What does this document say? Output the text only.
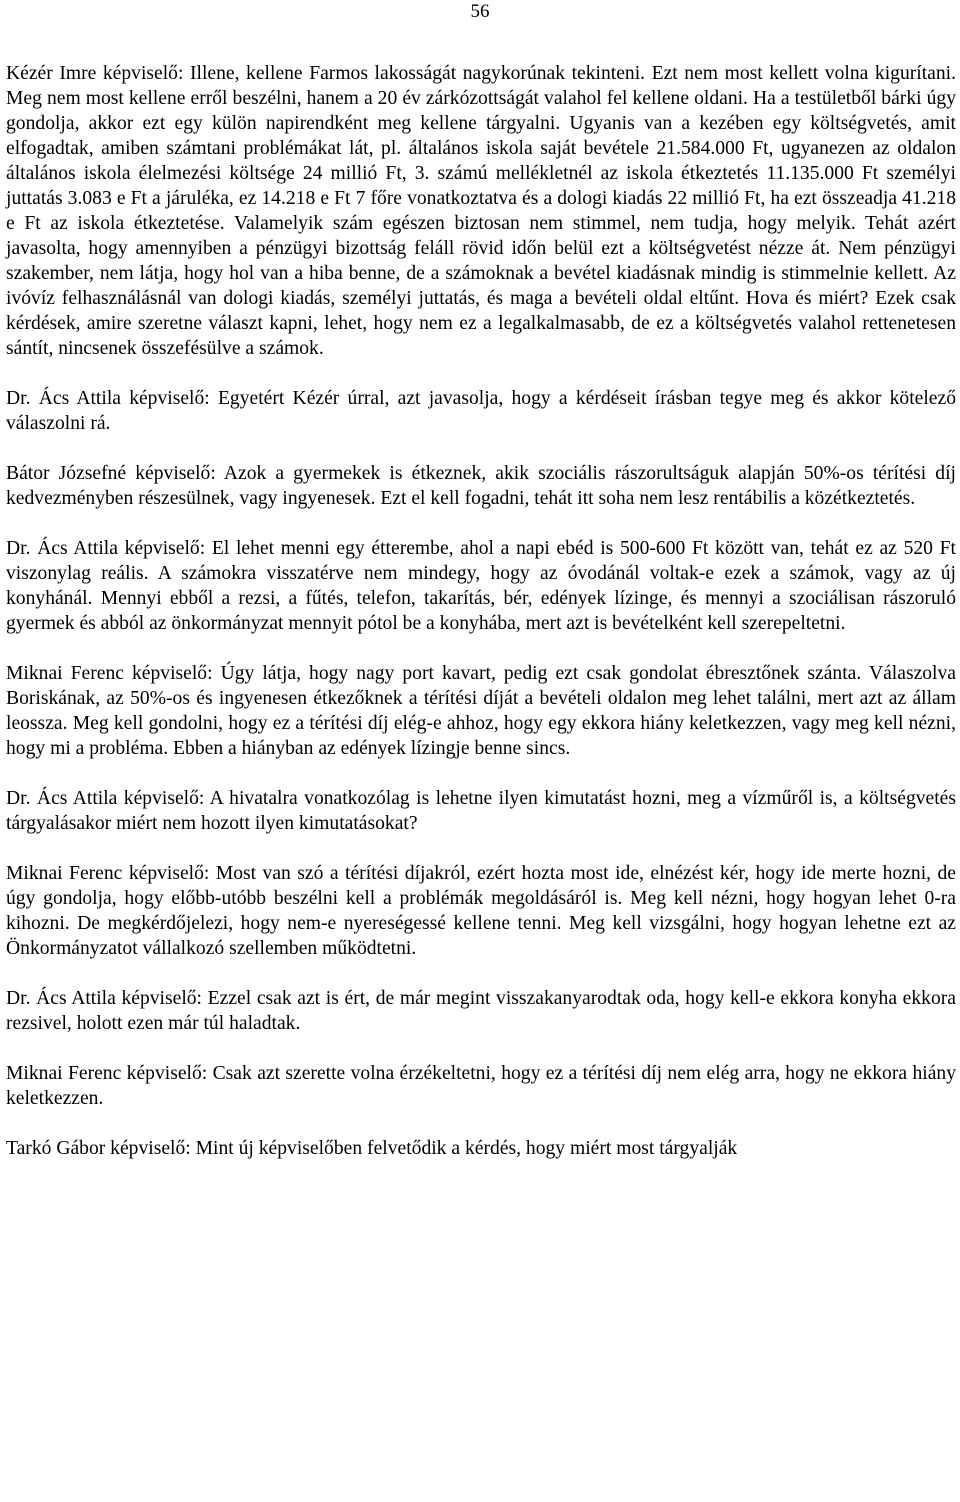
56

Kézér Imre képviselő: Illene, kellene Farmos lakosságát nagykorúnak tekinteni. Ezt nem most kellett volna kigurítani. Meg nem most kellene erről beszélni, hanem a 20 év zárkózottságát valahol fel kellene oldani. Ha a testületből bárki úgy gondolja, akkor ezt egy külön napirendként meg kellene tárgyalni. Ugyanis van a kezében egy költségvetés, amit elfogadtak, amiben számtani problémákat lát, pl. általános iskola saját bevétele 21.584.000 Ft, ugyanezen az oldalon általános iskola élelmezési költsége 24 millió Ft, 3. számú mellékletnél az iskola étkeztetés 11.135.000 Ft személyi juttatás 3.083 e Ft a járuléka, ez 14.218 e Ft 7 főre vonatkoztatva és a dologi kiadás 22 millió Ft, ha ezt összeadja 41.218 e Ft az iskola étkeztetése. Valamelyik szám egészen biztosan nem stimmel, nem tudja, hogy melyik. Tehát azért javasolta, hogy amennyiben a pénzügyi bizottság feláll rövid időn belül ezt a költségvetést nézze át. Nem pénzügyi szakember, nem látja, hogy hol van a hiba benne, de a számoknak a bevétel kiadásnak mindig is stimmelnie kellett. Az ivóvíz felhasználásnál van dologi kiadás, személyi juttatás, és maga a bevételi oldal eltűnt. Hova és miért? Ezek csak kérdések, amire szeretne választ kapni, lehet, hogy nem ez a legalkalmasabb, de ez a költségvetés valahol rettenetesen sántít, nincsenek összefésülve a számok.

Dr. Ács Attila képviselő: Egyetért Kézér úrral, azt javasolja, hogy a kérdéseit írásban tegye meg és akkor kötelező válaszolni rá.

Bátor Józsefné képviselő: Azok a gyermekek is étkeznek, akik szociális rászorultságuk alapján 50%-os térítési díj kedvezményben részesülnek, vagy ingyenesek. Ezt el kell fogadni, tehát itt soha nem lesz rentábilis a közétkeztetés.

Dr. Ács Attila képviselő: El lehet menni egy étterembe, ahol a napi ebéd is 500-600 Ft között van, tehát ez az 520 Ft viszonylag reális. A számokra visszatérve nem mindegy, hogy az óvodánál voltak-e ezek a számok, vagy az új konyhánál. Mennyi ebből a rezsi, a fűtés, telefon, takarítás, bér, edények lízinge, és mennyi a szociálisan rászoruló gyermek és abból az önkormányzat mennyit pótol be a konyhába, mert azt is bevételként kell szerepeltetni.

Miknai Ferenc képviselő: Úgy látja, hogy nagy port kavart, pedig ezt csak gondolat ébresztőnek szánta. Válaszolva Boriskának, az 50%-os és ingyenesen étkezőknek a térítési díját a bevételi oldalon meg lehet találni, mert azt az állam leossza. Meg kell gondolni, hogy ez a térítési díj elég-e ahhoz, hogy egy ekkora hiány keletkezzen, vagy meg kell nézni, hogy mi a probléma. Ebben a hiányban az edények lízingje benne sincs.

Dr. Ács Attila képviselő: A hivatalra vonatkozólag is lehetne ilyen kimutatást hozni, meg a vízműről is, a költségvetés tárgyalásakor miért nem hozott ilyen kimutatásokat?

Miknai Ferenc képviselő: Most van szó a térítési díjakról, ezért hozta most ide, elnézést kér, hogy ide merte hozni, de úgy gondolja, hogy előbb-utóbb beszélni kell a problémák megoldásáról is. Meg kell nézni, hogy hogyan lehet 0-ra kihozni. De megkérdőjelezi, hogy nem-e nyereségessé kellene tenni. Meg kell vizsgálni, hogy hogyan lehetne ezt az Önkormányzatot vállalkozó szellemben működtetni.

Dr. Ács Attila képviselő: Ezzel csak azt is ért, de már megint visszakanyarodtak oda, hogy kell-e ekkora konyha ekkora rezsivel, holott ezen már túl haladtak.

Miknai Ferenc képviselő: Csak azt szerette volna érzékeltetni, hogy ez a térítési díj nem elég arra, hogy ne ekkora hiány keletkezzen.

Tarkó Gábor képviselő: Mint új képviselőben felvetődik a kérdés, hogy miért most tárgyalják
